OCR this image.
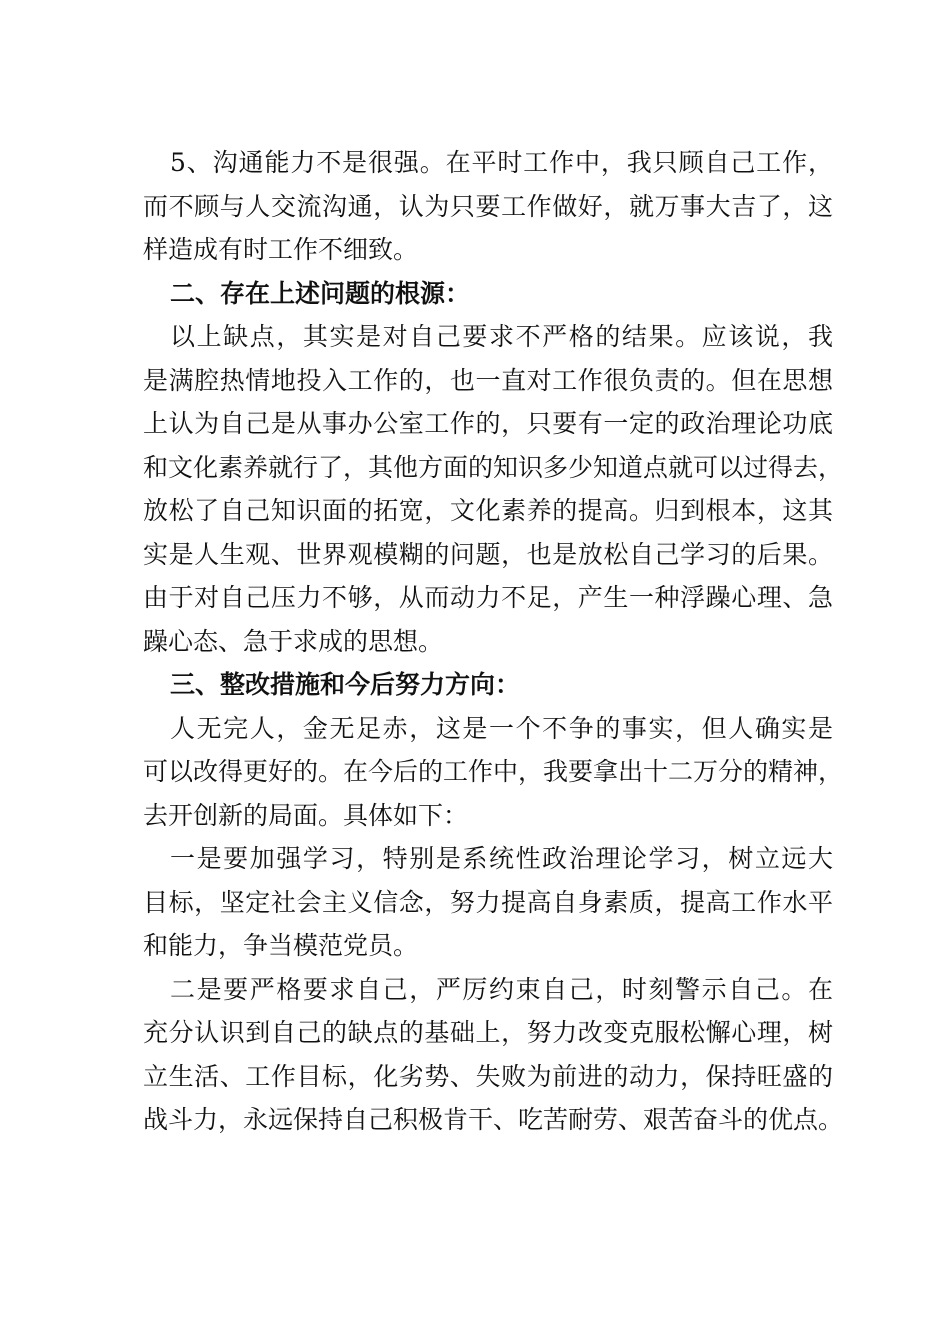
5、沟通能力不是很强。在平时工作中，我只顾自己工作，
而不顾与人交流沟通，认为只要工作做好，就万事大吉了，这
样造成有时工作不细致。
二、存在上述问题的根源：
以上缺点，其实是对自己要求不严格的结果。应该说，我
是满腔热情地投入工作的，也一直对工作很负责的。但在思想
上认为自己是从事办公室工作的，只要有一定的政治理论功底
和文化素养就行了，其他方面的知识多少知道点就可以过得去，
放松了自己知识面的拓宽，文化素养的提高。归到根本，这其
实是人生观、世界观模糊的问题，也是放松自己学习的后果。
由于对自己压力不够，从而动力不足，产生一种浮躁心理、急
躁心态、急于求成的思想。
三、整改措施和今后努力方向：
人无完人，金无足赤，这是一个不争的事实，但人确实是
可以改得更好的。在今后的工作中，我要拿出十二万分的精神，
去开创新的局面。具体如下：
一是要加强学习，特别是系统性政治理论学习，树立远大
目标，坚定社会主义信念，努力提高自身素质，提高工作水平
和能力，争当模范党员。
二是要严格要求自己，严厉约束自己，时刻警示自己。在
充分认识到自己的缺点的基础上，努力改变克服松懈心理，树
立生活、工作目标，化劣势、失败为前进的动力，保持旺盛的
战斗力，永远保持自己积极肯干、吃苦耐劳、艰苦奋斗的优点。
